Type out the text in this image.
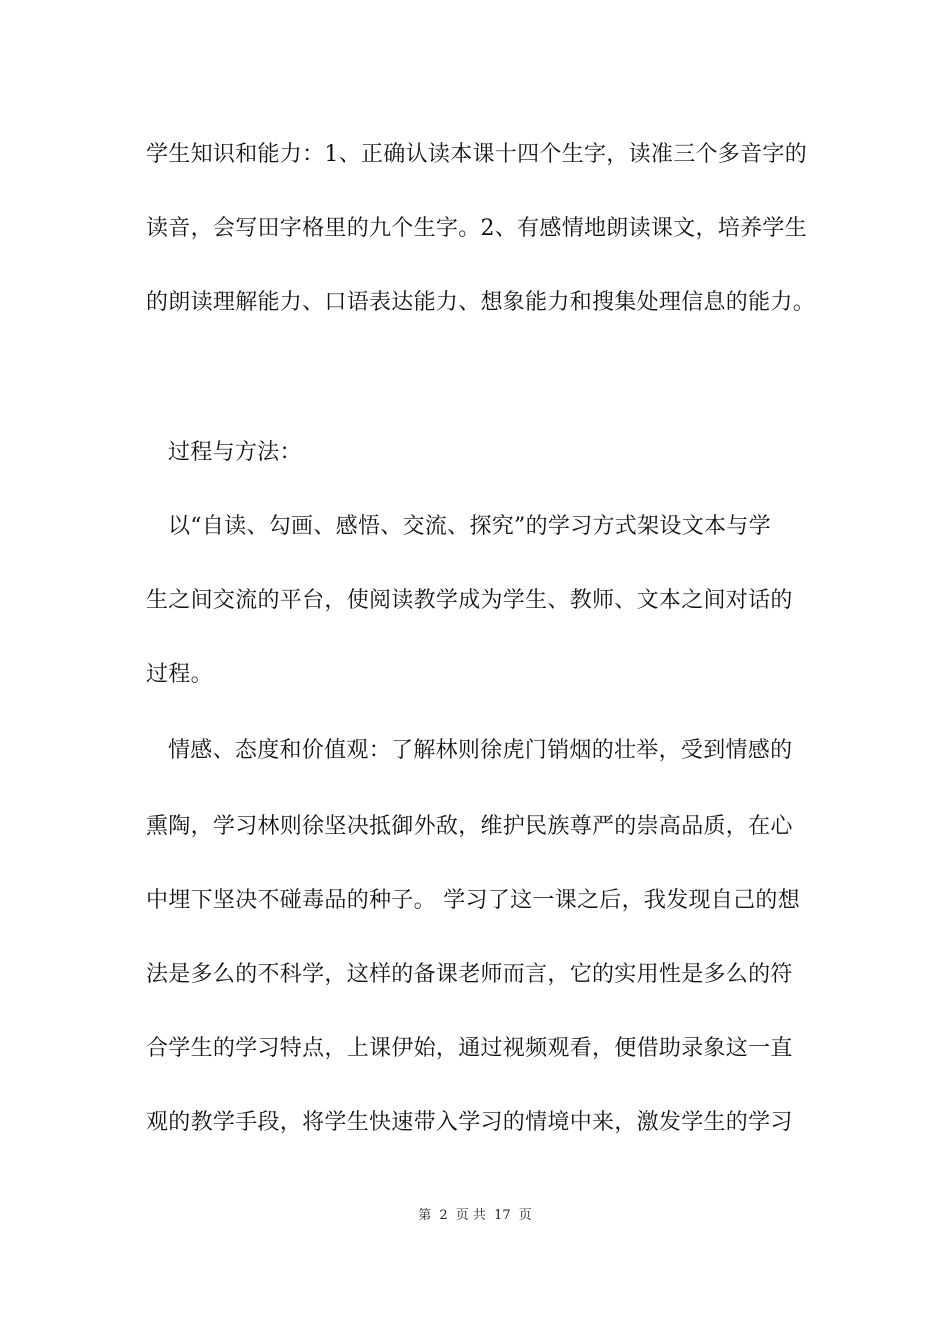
学生知识和能力：1、正确认读本课十四个生字，读准三个多音字的
读音，会写田字格里的九个生字。2、有感情地朗读课文，培养学生
的朗读理解能力、口语表达能力、想象能力和搜集处理信息的能力。
过程与方法：
以“自读、勾画、感悟、交流、探究”的学习方式架设文本与学
生之间交流的平台，使阅读教学成为学生、教师、文本之间对话的
过程。
情感、态度和价值观：了解林则徐虎门销烟的壮举，受到情感的
熏陶，学习林则徐坚决抵御外敌，维护民族尊严的崇高品质，在心
中埋下坚决不碰毒品的种子。 学习了这一课之后，我发现自己的想
法是多么的不科学，这样的备课老师而言，它的实用性是多么的符
合学生的学习特点，上课伊始，通过视频观看，便借助录象这一直
观的教学手段，将学生快速带入学习的情境中来，激发学生的学习
第 2 页 共 17 页
